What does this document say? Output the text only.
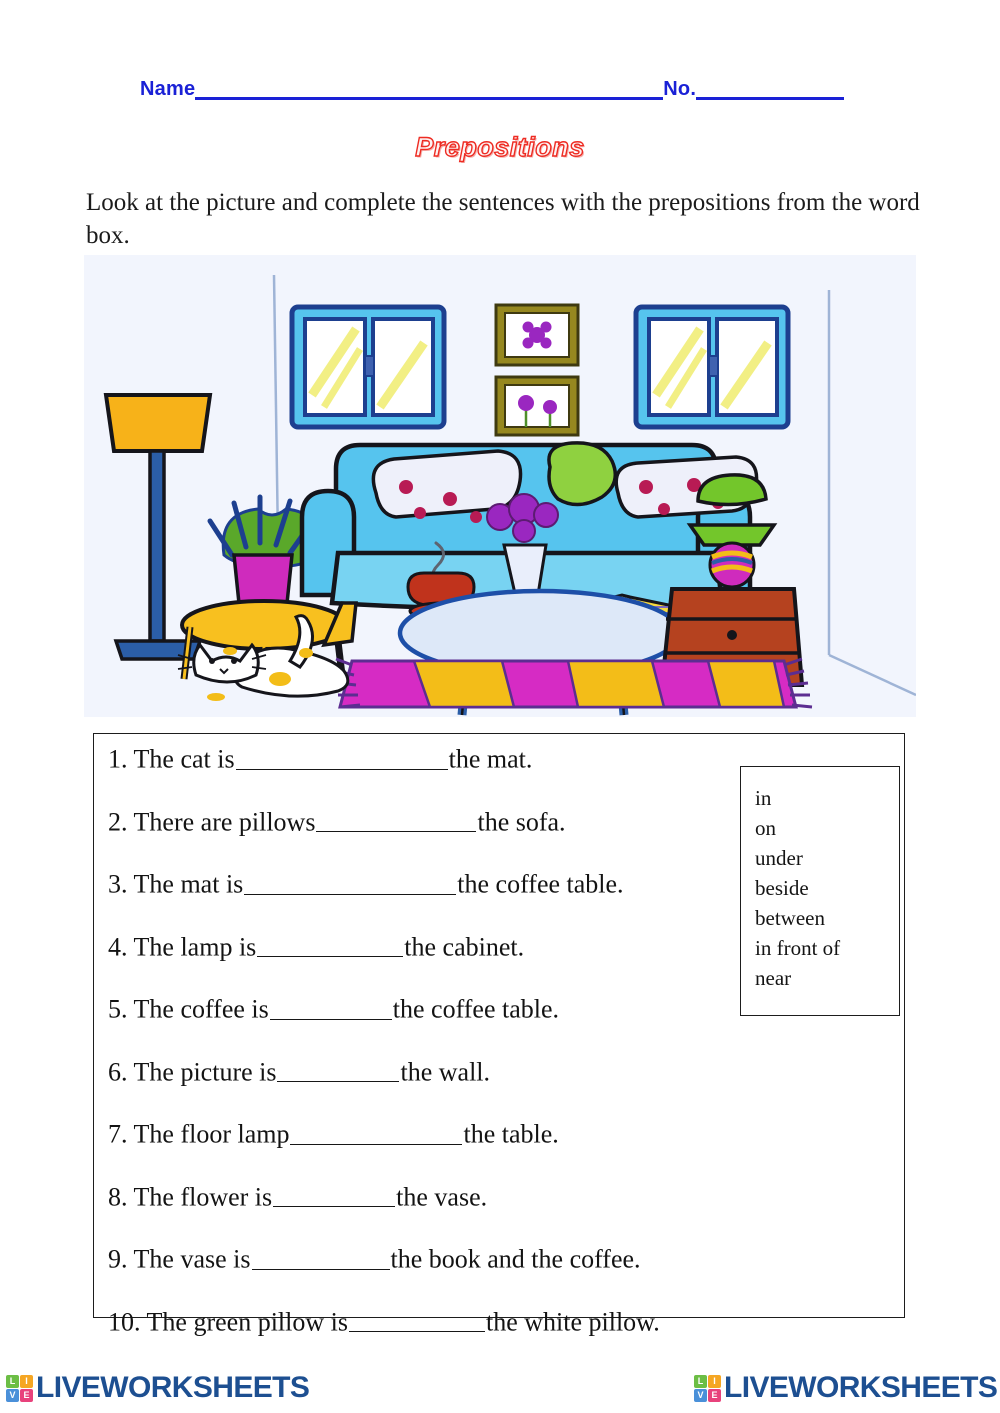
Name	No.
Prepositions
Look at the picture and complete the sentences with the prepositions from the word box.
1. The cat is	the mat.
2. There are pillows	the sofa.
3. The mat is	the coffee table.
4. The lamp is	the cabinet.
5. The coffee is	the coffee table.
6. The picture is	the wall.
7. The floor lamp	the table.
8. The flower is	the vase.
9. The vase is	the book and the coffee.
10. The green pillow is	the white pillow.
in
on
under
beside
between
in front of
near
L	I
V E LIVEWORKSHEETS	L	I
V E LIVEWORKSHEETS
